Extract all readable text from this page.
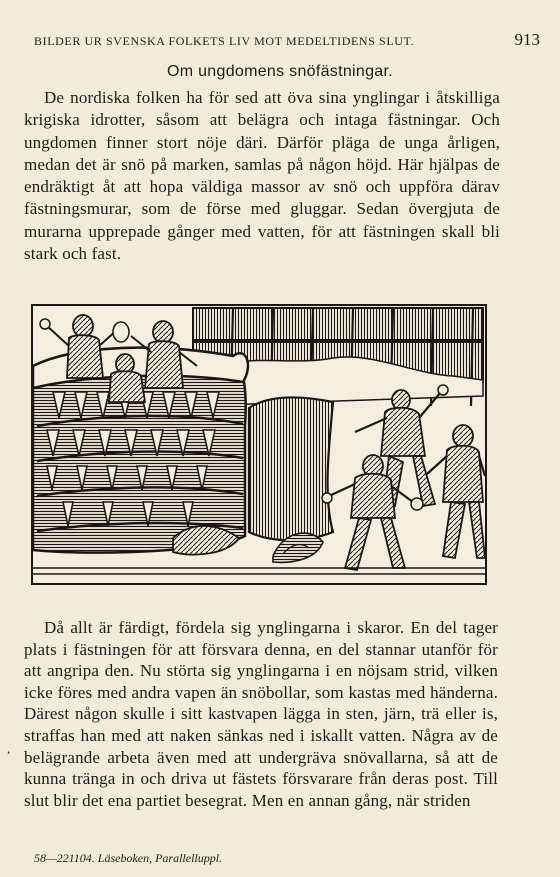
BILDER UR SVENSKA FOLKETS LIV MOT MEDELTIDENS SLUT.	913
Om ungdomens snöfästningar.

De nordiska folken ha för sed att öva sina ynglingar i åtskilliga krigiska idrotter, såsom att belägra och intaga fästningar. Och ungdomen finner stort nöje däri. Därför pläga de unga årligen, medan det är snö på marken, samlas på någon höjd. Här hjälpas de endräktigt åt att hopa väldiga massor av snö och uppföra därav fästningsmurar, som de förse med gluggar. Sedan övergjuta de murarna upprepade gånger med vatten, för att fästningen skall bli stark och fast.

Då allt är färdigt, fördela sig ynglingarna i skaror. En del tager plats i fästningen för att försvara denna, en del stannar utanför för att angripa den. Nu störta sig ynglingarna i en nöjsam strid, vilken icke föres med andra vapen än snöbollar, som kastas med händerna. Därest någon skulle i sitt kastvapen lägga in sten, järn, trä eller is, straffas han med att naken sänkas ned i iskallt vatten. Några av de belägrande arbeta även med att undergräva snövallarna, så att de kunna tränga in och driva ut fästets försvarare från deras post. Till slut blir det ena partiet besegrat. Men en annan gång, när striden

,
58—221104. Läseboken, Parallelluppl.
